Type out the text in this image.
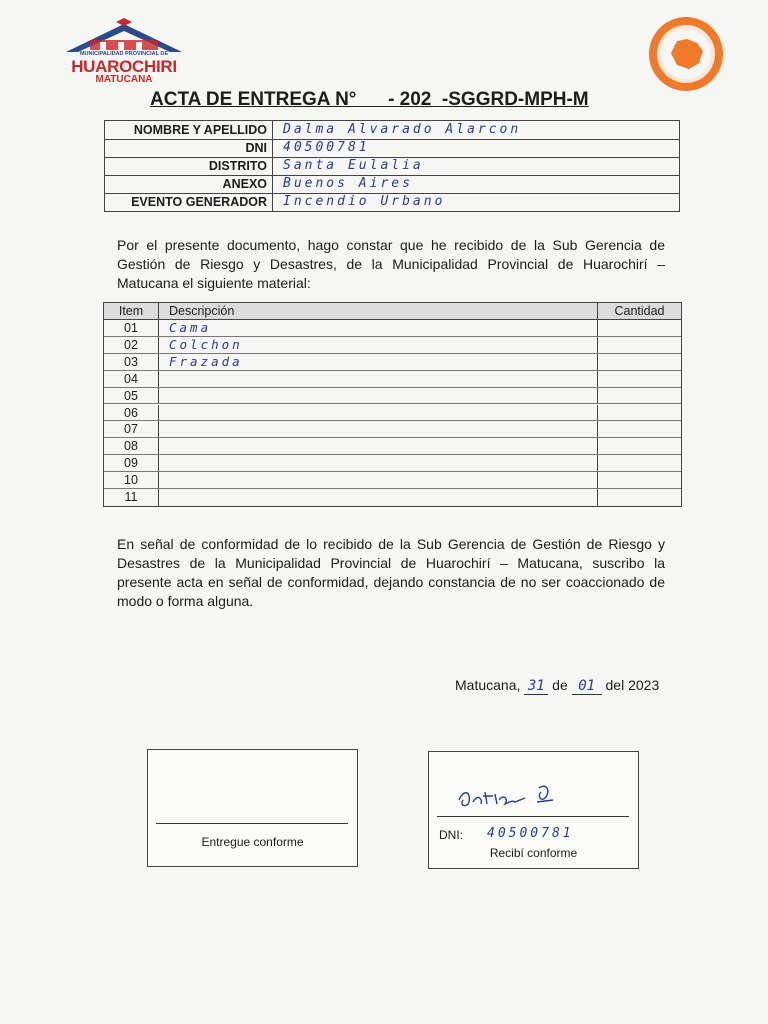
MUNICIPALIDAD PROVINCIAL DE
HUAROCHIRI
MATUCANA
ACTA DE ENTREGA N°      - 202  -SGGRD-MPH-M
NOMBRE Y APELLIDO	Dalma Alvarado Alarcon
DNI	40500781
DISTRITO	Santa Eulalia
ANEXO	Buenos Aires
EVENTO GENERADOR	Incendio Urbano
Por el presente documento, hago constar que he recibido de la Sub Gerencia de Gestión de Riesgo y Desastres, de la Municipalidad Provincial de Huarochirí – Matucana el siguiente material:
Item	Descripción	Cantidad
01	Cama
02	Colchon
03	Frazada
04
05
06
07
08
09
10
11
En señal de conformidad de lo recibido de la Sub Gerencia de Gestión de Riesgo y Desastres de la Municipalidad Provincial de Huarochirí – Matucana, suscribo la presente acta en señal de conformidad, dejando constancia de no ser coaccionado de modo o forma alguna.
Matucana, 31 de 01 del 2023
Entregue conforme	DNI: 40500781
Recibí conforme
